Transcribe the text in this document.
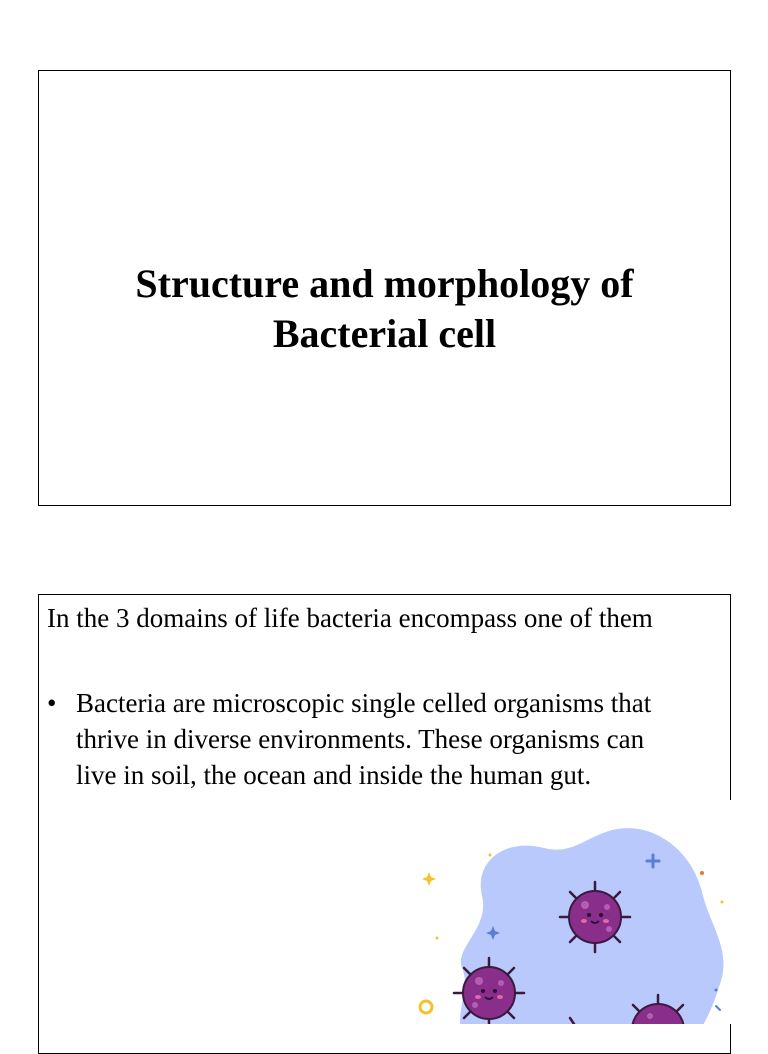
Structure and morphology of
Bacterial cell
In the 3 domains of life bacteria encompass one of them
• Bacteria are microscopic single celled organisms that
thrive in diverse environments. These organisms can
live in soil, the ocean and inside the human gut.
